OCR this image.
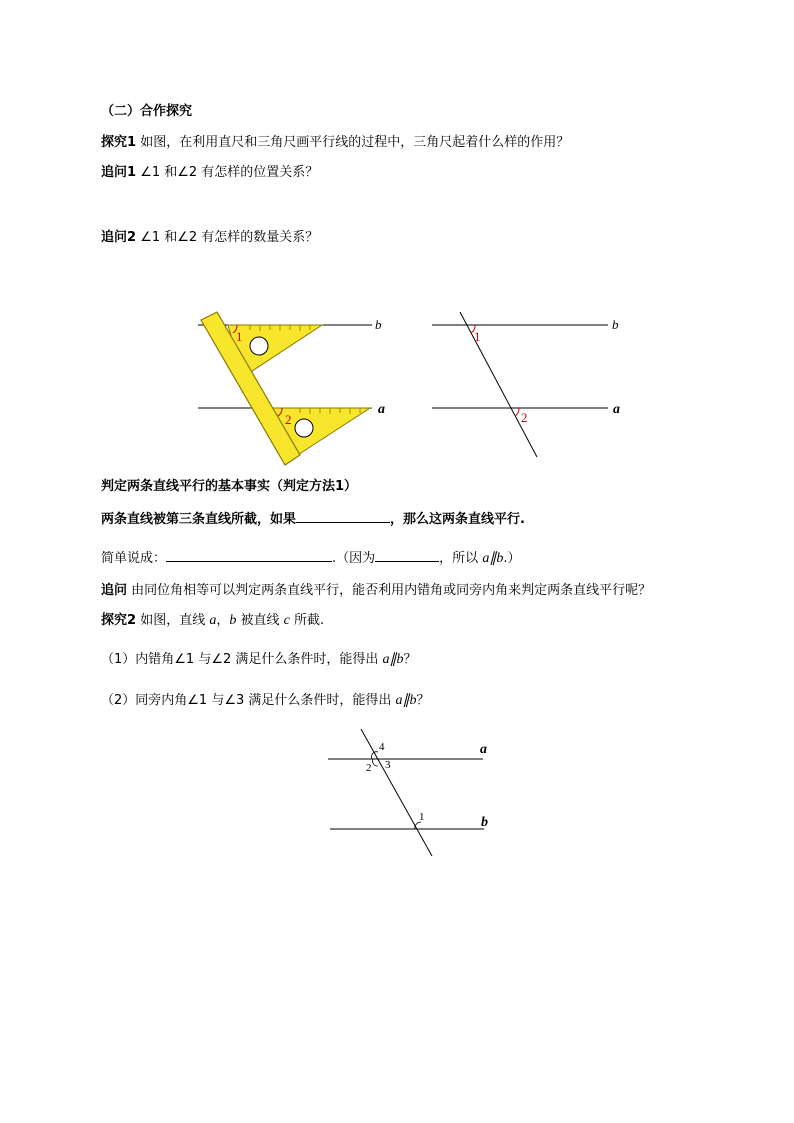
（二）合作探究
探究1 如图，在利用直尺和三角尺画平行线的过程中，三角尺起着什么样的作用？
追问1 ∠1 和∠2 有怎样的位置关系？
追问2 ∠1 和∠2 有怎样的数量关系？
1
2
b
a
1
2
b
a
4
2 3
1
a
b
判定两条直线平行的基本事实（判定方法1）
两条直线被第三条直线所截，如果	，那么这两条直线平行.
简单说成：	.（因为	，所以 a∥b.）
追问 由同位角相等可以判定两条直线平行，能否利用内错角或同旁内角来判定两条直线平行呢？
探究2 如图，直线 a，b 被直线 c 所截.
（1）内错角∠1 与∠2 满足什么条件时，能得出 a∥b？
（2）同旁内角∠1 与∠3 满足什么条件时，能得出 a∥b？
